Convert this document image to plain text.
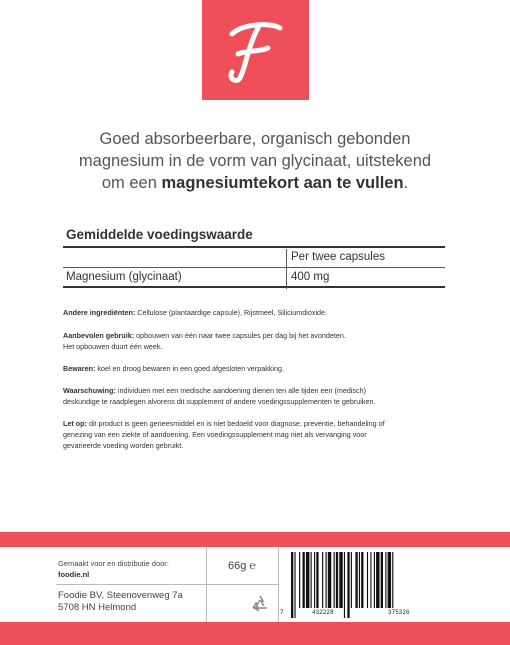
Goed absorbeerbare, organisch gebonden
magnesium in de vorm van glycinaat, uitstekend
om een magnesiumtekort aan te vullen.
Gemiddelde voedingswaarde
Per twee capsules
Magnesium (glycinaat)	400 mg
Andere ingrediënten: Cellulose (plantaardige capsule), Rijstmeel, Siliciumdioxide.
Aanbevolen gebruik: opbouwen van één naar twee capsules per dag bij het avondeten.
Het opbouwen duurt één week.
Bewaren: koel en droog bewaren in een goed afgesloten verpakking.
Waarschuwing: individuen met een medische aandoening dienen ten alle tijden een (medisch)
deskundige te raadplegen alvorens dit supplement of andere voedingssupplementen te gebruiken.
Let op: dit product is geen geneesmiddel en is niet bedoeld voor diagnose, preventie, behandeling of
genezing van een ziekte of aandoening. Een voedingssupplement mag niet als vervanging voor
gevarieerde voeding worden gebruikt.
Gemaakt voor en distributie door:
foodie.nl
66g ℮
Foodie BV, Steenovenweg 7a
5708 HN Helmond	7	432228	375326
